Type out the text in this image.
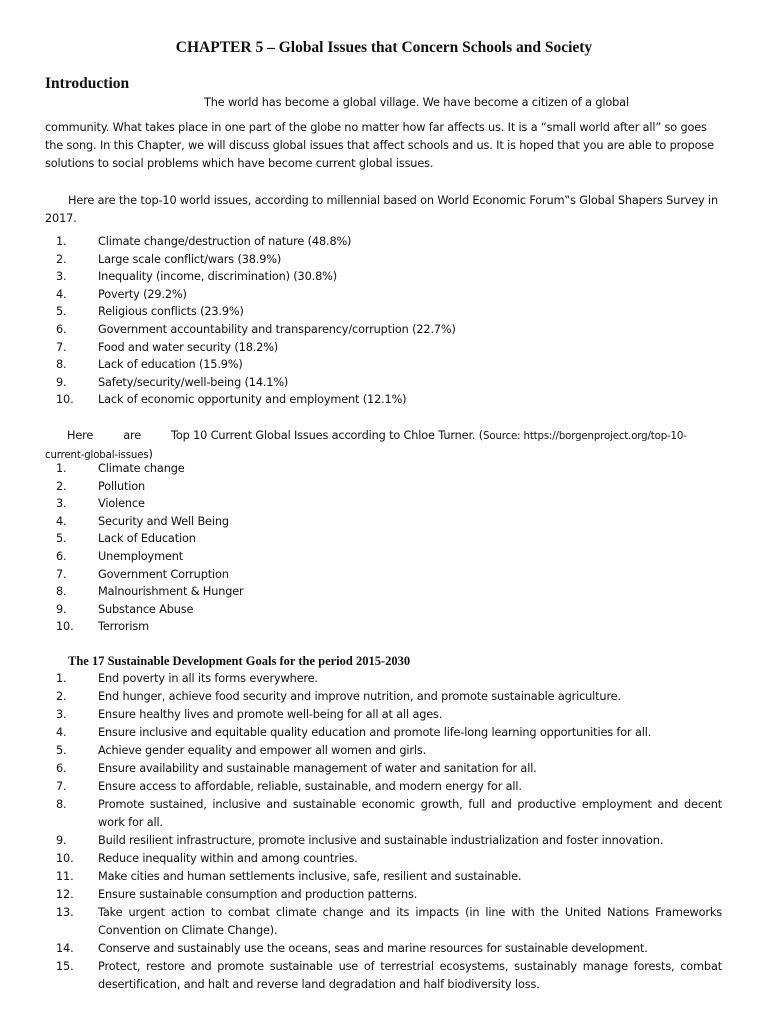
CHAPTER 5 – Global Issues that Concern Schools and Society
Introduction

The world has become a global village. We have become a citizen of a global

community. What takes place in one part of the globe no matter how far affects us. It is a “small world after all” so goes the song. In this Chapter, we will discuss global issues that affect schools and us. It is hoped that you are able to propose solutions to social problems which have become current global issues.

Here are the top-10 world issues, according to millennial based on World Economic Forum‟s Global Shapers Survey in 2017.

1.	Climate change/destruction of nature (48.8%)
2.	Large scale conflict/wars (38.9%)
3.	Inequality (income, discrimination) (30.8%)
4.	Poverty (29.2%)
5.	Religious conflicts (23.9%)
6.	Government accountability and transparency/corruption (22.7%)
7.	Food and water security (18.2%)
8.	Lack of education (15.9%)
9.	Safety/security/well-being (14.1%)
10.	Lack of economic opportunity and employment (12.1%)

Here	are	Top 10 Current Global Issues according to Chloe Turner. (Source: https://borgenproject.org/top-10-current-global-issues)

1.	Climate change
2.	Pollution
3.	Violence
4.	Security and Well Being
5.	Lack of Education
6.	Unemployment
7.	Government Corruption
8.	Malnourishment & Hunger
9.	Substance Abuse
10.	Terrorism
The 17 Sustainable Development Goals for the period 2015-2030
1.	End poverty in all its forms everywhere.
2.	End hunger, achieve food security and improve nutrition, and promote sustainable agriculture.
3.	Ensure healthy lives and promote well-being for all at all ages.
4.	Ensure inclusive and equitable quality education and promote life-long learning opportunities for all.
5.	Achieve gender equality and empower all women and girls.
6.	Ensure availability and sustainable management of water and sanitation for all.
7.	Ensure access to affordable, reliable, sustainable, and modern energy for all.
8.	Promote sustained, inclusive and sustainable economic growth, full and productive employment and decent work for all.
9.	Build resilient infrastructure, promote inclusive and sustainable industrialization and foster innovation.
10.	Reduce inequality within and among countries.
11.	Make cities and human settlements inclusive, safe, resilient and sustainable.
12.	Ensure sustainable consumption and production patterns.
13.	Take urgent action to combat climate change and its impacts (in line with the United Nations Frameworks Convention on Climate Change).
14.	Conserve and sustainably use the oceans, seas and marine resources for sustainable development.
15.	Protect, restore and promote sustainable use of terrestrial ecosystems, sustainably manage forests, combat desertification, and halt and reverse land degradation and half biodiversity loss.
